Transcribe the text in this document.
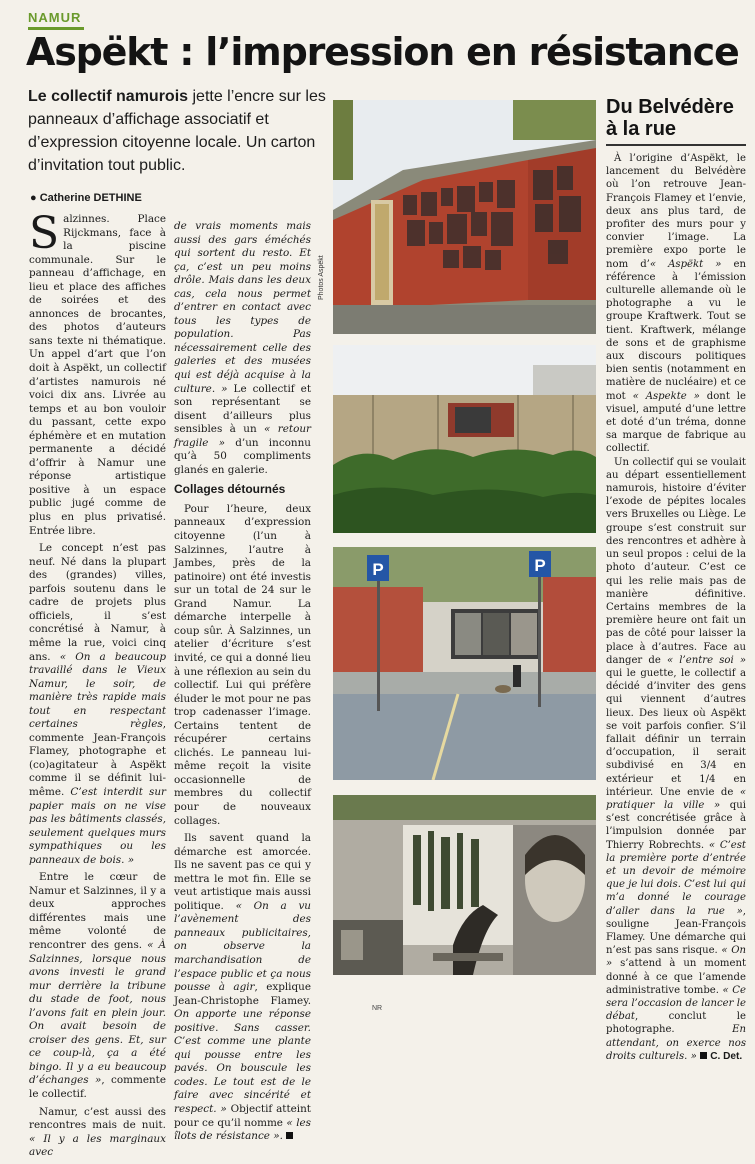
NAMUR
Aspëkt : l’impression en résistance
Le collectif namurois jette l’encre sur les panneaux d’affichage associatif et d’expression citoyenne locale. Un carton d’invitation tout public.
● Catherine DETHINE

Salzinnes. Place Rijckmans, face à la piscine communale. Sur le panneau d’affichage, en lieu et place des affiches de soirées et des annonces de brocantes, des photos d’auteurs sans texte ni thématique. Un appel d’art que l’on doit à Aspëkt, un collectif d’artistes namurois né voici dix ans. Livrée au temps et au bon vouloir du passant, cette expo éphémère et en mutation permanente a décidé d’offrir à Namur une réponse artistique positive à un espace public jugé comme de plus en plus privatisé. Entrée libre.

Le concept n’est pas neuf. Né dans la plupart des (grandes) villes, parfois soutenu dans le cadre de projets plus officiels, il s’est concrétisé à Namur, à même la rue, voici cinq ans. « On a beaucoup travaillé dans le Vieux Namur, le soir, de manière très rapide mais tout en respectant certaines règles, commente Jean-François Flamey, photographe et (co)agitateur à Aspëkt comme il se définit lui-même. C’est interdit sur papier mais on ne vise pas les bâtiments classés, seulement quelques murs sympathiques ou les panneaux de bois. »

Entre le cœur de Namur et Salzinnes, il y a deux approches différentes mais une même volonté de rencontrer des gens. « À Salzinnes, lorsque nous avons investi le grand mur derrière la tribune du stade de foot, nous l’avons fait en plein jour. On avait besoin de croiser des gens. Et, sur ce coup-là, ça a été bingo. Il y a eu beaucoup d’échanges », commente le collectif.

Namur, c’est aussi des rencontres mais de nuit. « Il y a les marginaux avec

de vrais moments mais aussi des gars éméchés qui sortent du resto. Et ça, c’est un peu moins drôle. Mais dans les deux cas, cela nous permet d’entrer en contact avec tous les types de population. Pas nécessairement celle des galeries et des musées qui est déjà acquise à la culture. » Le collectif et son représentant se disent d’ailleurs plus sensibles à un « retour fragile » d’un inconnu qu’à 50 compliments glanés en galerie.

Collages détournés

Pour l’heure, deux panneaux d’expression citoyenne (l’un à Salzinnes, l’autre à Jambes, près de la patinoire) ont été investis sur un total de 24 sur le Grand Namur. La démarche interpelle à coup sûr. À Salzinnes, un atelier d’écriture s’est invité, ce qui a donné lieu à une réflexion au sein du collectif. Lui qui préfère éluder le mot pour ne pas trop cadenasser l’image. Certains tentent de récupérer certains clichés. Le panneau lui-même reçoit la visite occasionnelle de membres du collectif pour de nouveaux collages.

Ils savent quand la démarche est amorcée. Ils ne savent pas ce qui y mettra le mot fin. Elle se veut artistique mais aussi politique. « On a vu l’avènement des panneaux publicitaires, on observe la marchandisation de l’espace public et ça nous pousse à agir, explique Jean-Christophe Flamey. On apporte une réponse positive. Sans casser. C’est comme une plante qui pousse entre les pavés. On bouscule les codes. Le tout est de le faire avec sincérité et respect. » Objectif atteint pour ce qu’il nomme « les îlots de résistance ».

Photos Aspëkt
P	P
Du Belvédère
à la rue

À l’origine d’Aspëkt, le lancement du Belvédère où l’on retrouve Jean-François Flamey et l’envie, deux ans plus tard, de profiter des murs pour y convier l’image. La première expo porte le nom d’« Aspëkt » en référence à l’émission culturelle allemande où le photographe a vu le groupe Kraftwerk. Tout se tient. Kraftwerk, mélange de sons et de graphisme aux discours politiques bien sentis (notamment en matière de nucléaire) et ce mot « Aspekte » dont le visuel, amputé d’une lettre et doté d’un tréma, donne sa marque de fabrique au collectif.

Un collectif qui se voulait au départ essentiellement namurois, histoire d’éviter l’exode de pépites locales vers Bruxelles ou Liège. Le groupe s’est construit sur des rencontres et adhère à un seul propos : celui de la photo d’auteur. C’est ce qui les relie mais pas de manière définitive. Certains membres de la première heure ont fait un pas de côté pour laisser la place à d’autres. Face au danger de « l’entre soi » qui le guette, le collectif a décidé d’inviter des gens qui viennent d’autres lieux. Des lieux où Aspëkt se voit parfois confier. S’il fallait définir un terrain d’occupation, il serait subdivisé en 3/4 en extérieur et 1/4 en intérieur. Une envie de « pratiquer la ville » qui s’est concrétisée grâce à l’impulsion donnée par Thierry Robrechts. « C’est la première porte d’entrée et un devoir de mémoire que je lui dois. C’est lui qui m’a donné le courage d’aller dans la rue », souligne Jean-François Flamey. Une démarche qui n’est pas sans risque. « On » s’attend à un moment donné à ce que l’amende administrative tombe. « Ce sera l’occasion de lancer le débat, conclut le photographe. En attendant, on exerce nos droits culturels. » C. Det.

NR
